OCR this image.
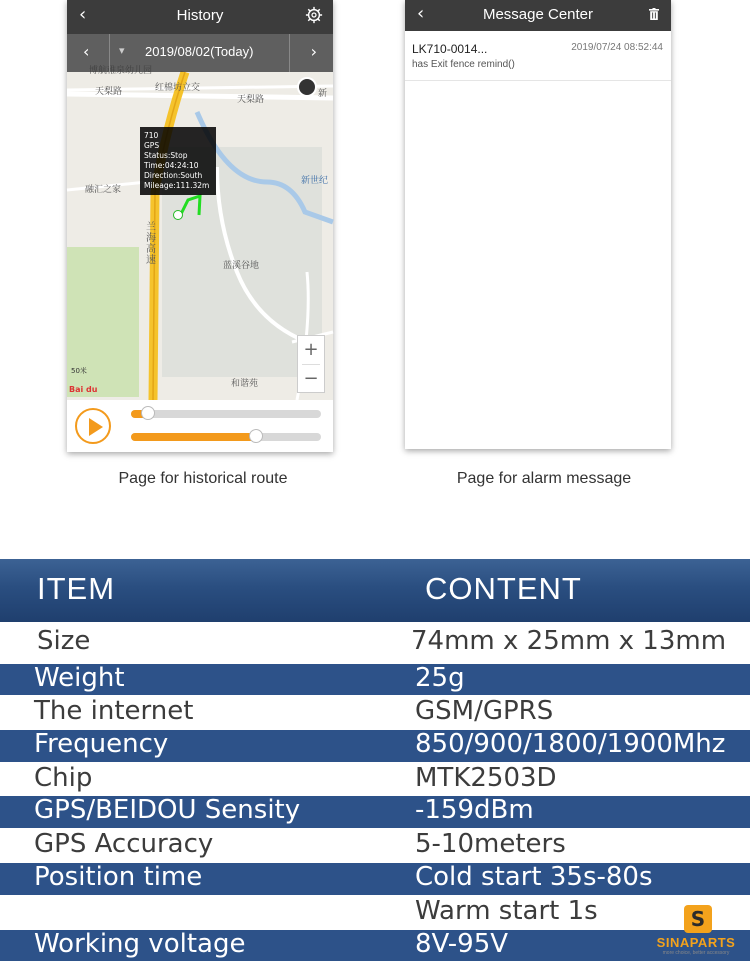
天梨路	红棉坊立交
天梨路
新
融汇之家
新世纪
兰海高速	蓝溪谷地
和谐苑
710
GPS
Status:Stop
Time:04:24:10
Direction:South
Mileage:111.32m
+
−
50米
Bai du
‹	History
‹	▾ 2019/08/02(Today)	›
‹	Message Center
LK710-0014...	2019/07/24 08:52:44
has Exit fence remind()
Page for historical route	Page for alarm message
ITEM	CONTENT
Size	74mm x 25mm x 13mm
Weight	25g
The internet	GSM/GPRS
Frequency	850/900/1800/1900Mhz
Chip	MTK2503D
GPS/BEIDOU Sensity	-159dBm
GPS Accuracy	5-10meters
Position time	Cold start 35s-80s
Warm start 1s
Working voltage	8V-95V
S
SINAPARTS
more choice, better accessory
